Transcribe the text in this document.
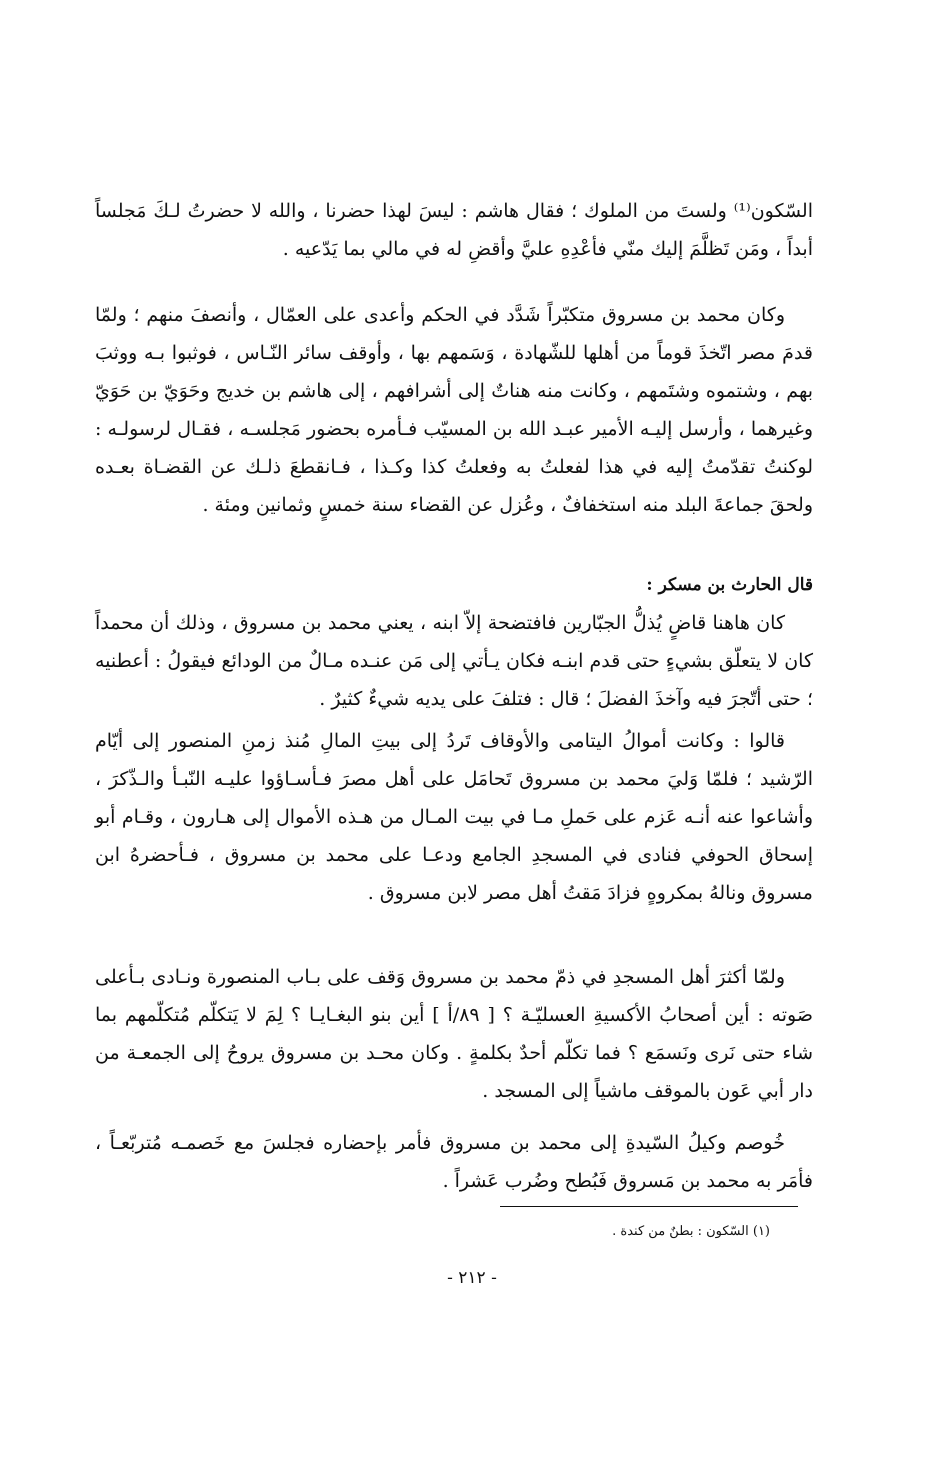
السّكون⁽¹⁾ ولستَ من الملوك ؛ فقال هاشم : ليسَ لهذا حضرنا ، والله لا حضرتُ لـكَ مَجلساً أبداً ، ومَن تَظلَّمَ إليك منّي فأعْدِهِ عليَّ وأقضِ له في مالي بما يَدّعيه .

وكان محمد بن مسروق متكبّراً شَدَّد في الحكم وأعدى على العمّال ، وأنصفَ منهم ؛ ولمّا قدمَ مصر اتّخذَ قوماً من أهلها للشّهادة ، وَسَمهم بها ، وأوقف سائر النّـاس ، فوثبوا بـه ووثبَ بهم ، وشتموه وشتَمهم ، وكانت منه هناتٌ إلى أشرافهم ، إلى هاشم بن خديج وحَوَيّ بن حَوَيّ وغيرهما ، وأرسل إليـه الأمير عبـد الله بن المسيّب فـأمره بحضور مَجلسـه ، فقـال لرسولـه : لوكنتُ تقدّمتُ إليه في هذا لفعلتُ به وفعلتُ كذا وكـذا ، فـانقطعَ ذلـك عن القضـاة بعـده ولحقَ جماعةَ البلد منه استخفافٌ ، وعُزل عن القضاء سنة خمسٍ وثمانين ومئة .

قال الحارث بن مسكر :

كان هاهنا قاضٍ يُذلُّ الجبّارين فافتضحة إلاّ ابنه ، يعني محمد بن مسروق ، وذلك أن محمداً كان لا يتعلّق بشيءٍ حتى قدم ابنـه فكان يـأتي إلى مَن عنـده مـالٌ من الودائع فيقولُ : أعطنيه ؛ حتى أتّجرَ فيه وآخذَ الفضلَ ؛ قال : فتلفَ على يديه شيءٌ كثيرٌ .

قالوا : وكانت أموالُ اليتامى والأوقاف تَردُ إلى بيتِ المالِ مُنذ زمنِ المنصور إلى أيّام الرّشيد ؛ فلمّا وَليَ محمد بن مسروق تَحامَل على أهل مصرَ فـأسـاؤوا عليـه النّبـأ والـذّكرَ ، وأشاعوا عنه أنـه عَزم على حَملِ مـا في بيت المـال من هـذه الأموال إلى هـارون ، وقـام أبو إسحاق الحوفي فنادى في المسجدِ الجامع ودعـا على محمد بن مسروق ، فـأحضرهُ ابن مسروق ونالهُ بمكروهٍ فزادَ مَقتُ أهل مصر لابن مسروق .

ولمّا أكثرَ أهل المسجدِ في ذمّ محمد بن مسروق وَقف على بـاب المنصورة ونـادى بـأعلى صَوته : أين أصحابُ الأكسيةِ العسليّـة ؟ [ ٨٩/أ ] أين بنو البغـايـا ؟ لِمَ لا يَتكلّم مُتكلّمهم بما شاء حتى نَرى ونَسمَع ؟ فما تكلّم أحدٌ بكلمةٍ . وكان محـد بن مسروق يروحُ إلى الجمعـة من دار أبي عَون بالموقف ماشياً إلى المسجد .

خُوصم وكيلُ السّيدةِ إلى محمد بن مسروق فأمر بإحضاره فجلسَ مع خَصمـه مُتربّعـاً ، فأمَر به محمد بن مَسروق فَبُطح وضُرب عَشراً .

(١) السّكون : بطنٌ من كندة .
- ٢١٢ -
